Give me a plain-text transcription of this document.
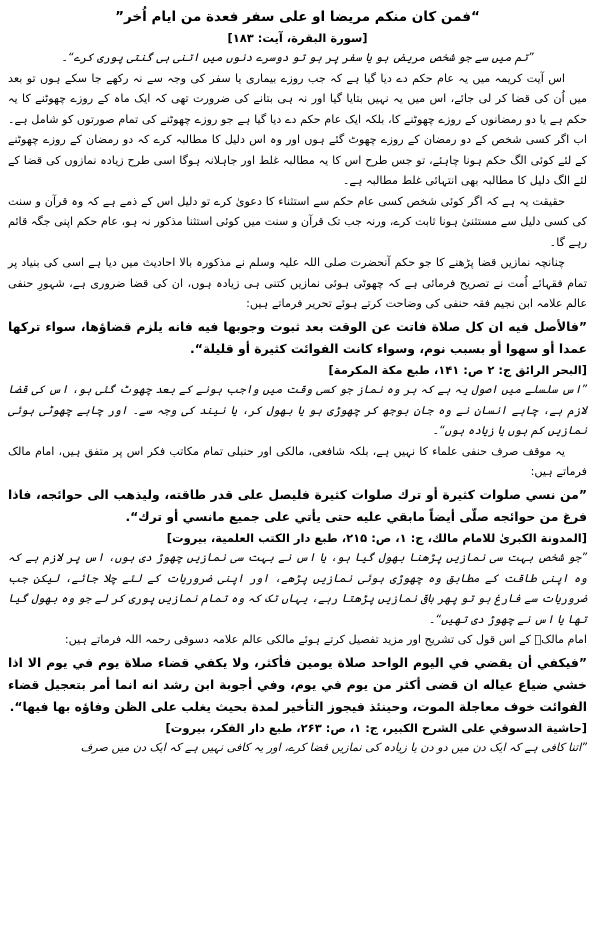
“فمن كان منكم مريضا او على سفر فعدة من ايام اُخر”

[سورة البقرة، آیت: ۱۸۳]

”تم میں سے جو شخص مریض ہو یا سفر پر ہو تو دوسرے دنوں میں اتنی ہی گنتی پوری کرے“۔

اس آیت کریمہ میں یہ عام حکم دے دیا گیا ہے کہ جب روزے بیماری یا سفر کی وجہ سے نہ رکھے جا سکے ہوں تو بعد میں اُن کی قضا کر لی جائے، اس میں یہ نہیں بتایا گیا اور نہ ہی بتانے کی ضرورت تھی کہ ایک ماہ کے روزے چھوٹنے کا یہ حکم ہے یا دو رمضانوں کے روزے چھوٹنے کا، بلکہ ایک عام حکم دے دیا گیا ہے جو روزے چھوٹنے کی تمام صورتوں کو شامل ہے۔ اب اگر کسی شخص کے دو رمضان کے روزے چھوٹ گئے ہوں اور وہ اس دلیل کا مطالبہ کرے کہ دو رمضان کے روزے چھوٹنے کے لئے کوئی الگ حکم ہونا چاہئے، تو جس طرح اس کا یہ مطالبہ غلط اور جاہلانہ ہوگا اسی طرح زیادہ نمازوں کی قضا کے لئے الگ دلیل کا مطالبہ بھی انتہائی غلط مطالبہ ہے۔

حقیقت یہ ہے کہ اگر کوئی شخص کسی عام حکم سے استثناء کا دعویٰ کرے تو دلیل اس کے ذمے ہے کہ وہ قرآن و سنت کی کسی دلیل سے مستثنیٰ ہونا ثابت کرے، ورنہ جب تک قرآن و سنت میں کوئی استثنا مذکور نہ ہو، عام حکم اپنی جگہ قائم رہے گا۔

چنانچہ نمازیں قضا پڑھنے کا جو حکم آنحضرت صلی اللہ علیہ وسلم نے مذکورہ بالا احادیث میں دیا ہے اسی کی بنیاد پر تمام فقہائے اُمت نے تصریح فرمائی ہے کہ چھوٹی ہوئی نمازیں کتنی ہی زیادہ ہوں، ان کی قضا ضروری ہے، شہورِ حنفی عالم علامہ ابن نجیم فقہ حنفی کی وضاحت کرتے ہوئے تحریر فرماتے ہیں:

”فالأصل فيه ان كل صلاة فاتت عن الوقت بعد ثبوت وجوبها فيه فانه يلزم قضاؤها، سواء تركها عمدا أو سهوا أو بسبب نوم، وسواء كانت الفوائت كثيرة أو قليلة“.

[البحر الرائق ج: ۲ ص: ۱۴۱، طبع مكة المكرمة]

”اس سلسلے میں اصول یہ ہے کہ ہر وہ نماز جو کسی وقت میں واجب ہونے کے بعد چھوٹ گئی ہو، اس کی قضا لازم ہے، چاہے انسان نے وہ جان بوجھ کر چھوڑی ہو یا بھول کر، یا نیند کی وجہ سے۔ اور چاہے چھوٹی ہوئی نمازیں کم ہوں یا زیادہ ہوں“۔

یہ موقف صرف حنفی علماء کا نہیں ہے، بلکہ شافعی، مالکی اور حنبلی تمام مکاتب فکر اس پر متفق ہیں، امام مالک فرماتے ہیں:

”من نسي صلوات كثيرة أو ترك صلوات كثيرة فليصل على قدر طاقته، وليذهب الى حوائجه، فاذا فرغ من حوائجه صلّى أيضاً مابقي عليه حتى يأتي على جميع مانسي أو ترك“.

[المدونة الكبرىٰ للامام مالك، ج: ۱، ص: ۲۱۵، طبع دار الكتب العلمية، بيروت]

”جو شخص بہت سی نمازیں پڑھنا بھول گیا ہو، یا اس نے بہت سی نمازیں چھوڑ دی ہوں، اس پر لازم ہے کہ وہ اپنی طاقت کے مطابق وہ چھوڑی ہوئی نمازیں پڑھے، اور اپنی ضروریات کے لئے چلا جائے، لیکن جب ضروریات سے فارغ ہو تو پھر باقی نمازیں پڑھتا رہے، یہاں تک کہ وہ تمام نمازیں پوری کر لے جو وہ بھول گیا تھا یا اس نے چھوڑ دی تھیں“۔

امام مالکؒ کے اس قول کی تشریح اور مزید تفصیل کرتے ہوئے مالکی عالم علامہ دسوقی رحمہ اللہ فرماتے ہیں:

”فيكفي أن يقضي في اليوم الواحد صلاة يومين فأكثر، ولا يكفي قضاء صلاة يوم في يوم الا اذا خشي ضياع عياله ان قضى أكثر من يوم في يوم، وفي أجوبة ابن رشد انه انما أمر بتعجيل قضاء الفوائت خوف معاجلة الموت، وحينئذ فيجوز التأخير لمدة بحيث يغلب على الظن وفاؤه بها فيها“.

[حاشية الدسوقي على الشرح الكبير، ج: ۱، ص: ۲۶۳، طبع دار الفكر، بيروت]

”اتنا کافی ہے کہ ایک دن میں دو دن یا زیادہ کی نمازیں قضا کرے، اور یہ کافی نہیں ہے کہ ایک دن میں صرف
